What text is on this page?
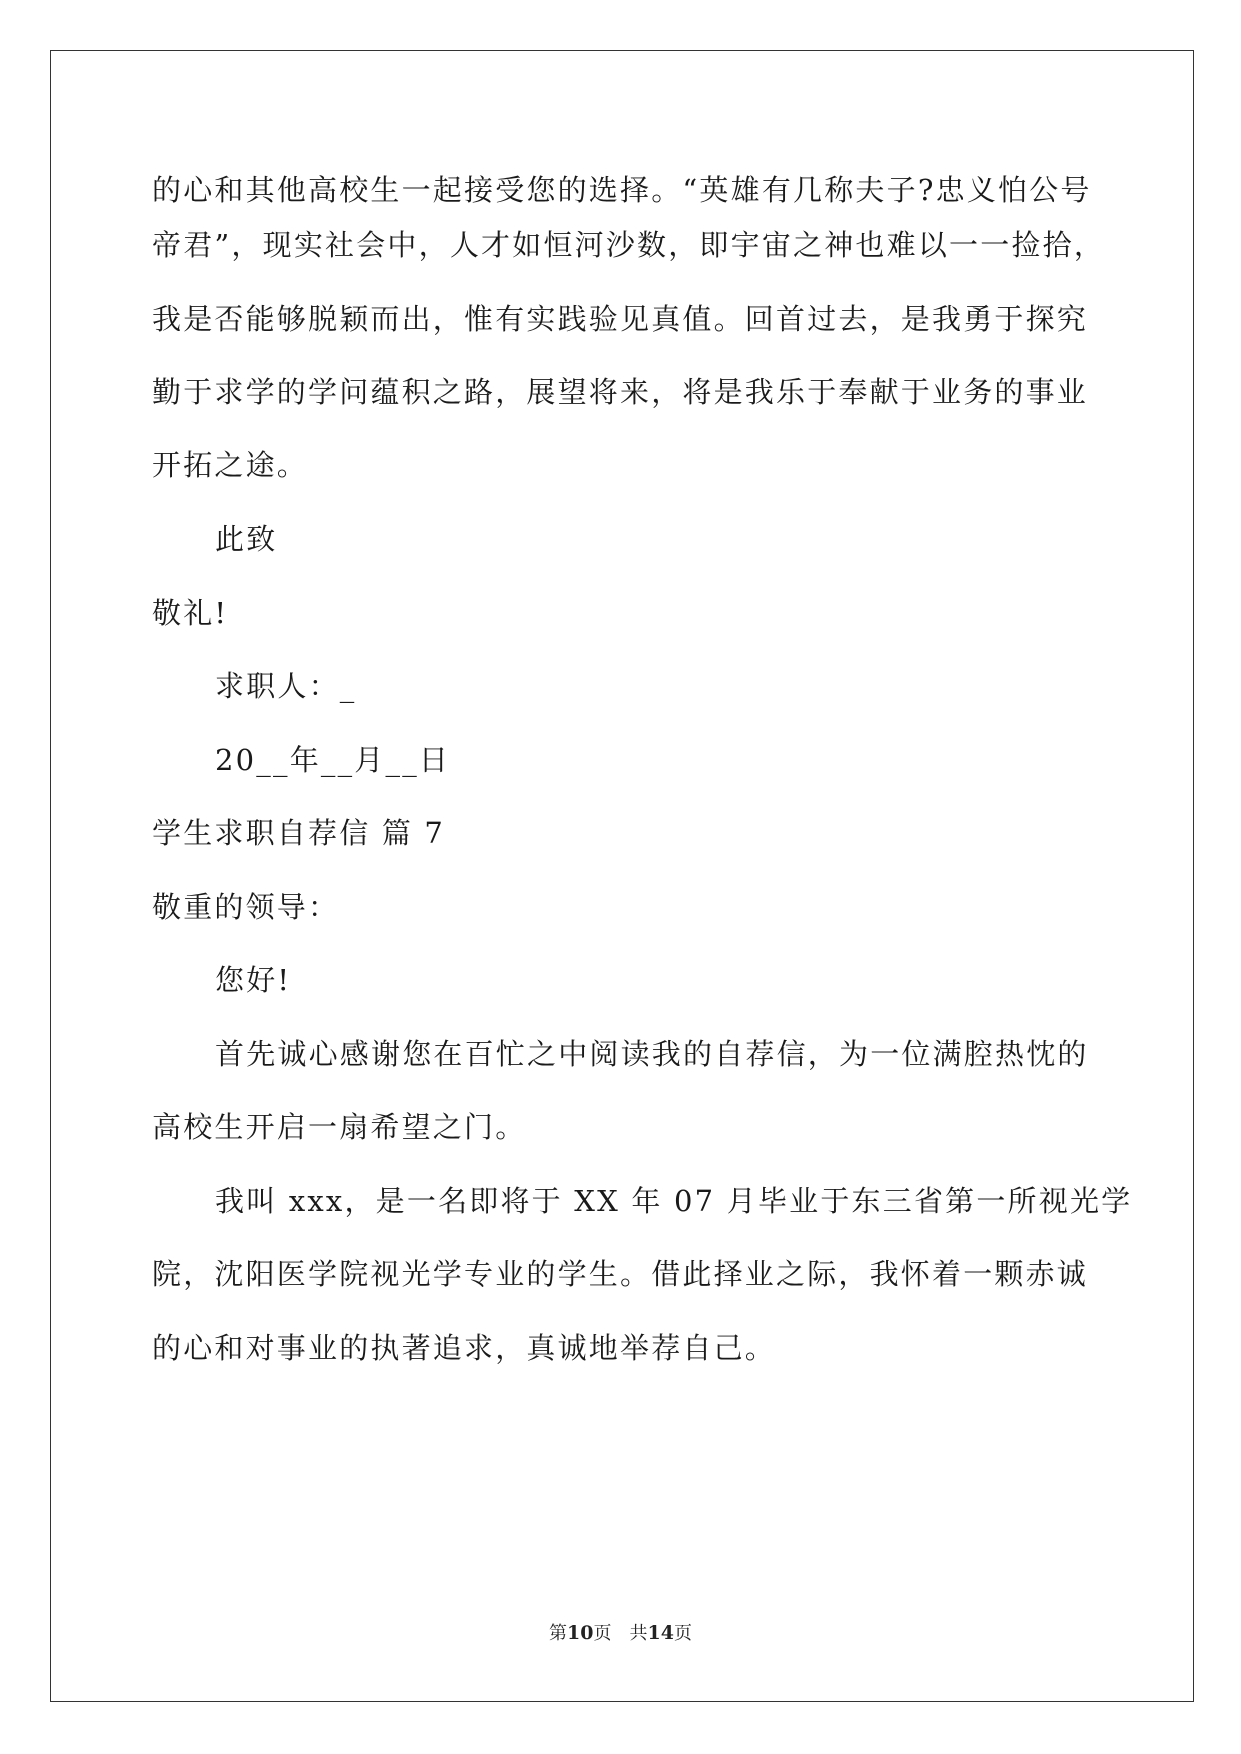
的心和其他高校生一起接受您的选择。“英雄有几称夫子?忠义怕公号
帝君”，现实社会中，人才如恒河沙数，即宇宙之神也难以一一捡拾，
我是否能够脱颖而出，惟有实践验见真值。回首过去，是我勇于探究
勤于求学的学问蕴积之路，展望将来，将是我乐于奉献于业务的事业
开拓之途。
此致
敬礼!
求职人：_
20__年__月__日
学生求职自荐信 篇 7
敬重的领导：
您好!
首先诚心感谢您在百忙之中阅读我的自荐信，为一位满腔热忱的
高校生开启一扇希望之门。
我叫 xxx，是一名即将于 XX 年 07 月毕业于东三省第一所视光学
院，沈阳医学院视光学专业的学生。借此择业之际，我怀着一颗赤诚
的心和对事业的执著追求，真诚地举荐自己。
第10页　共14页
